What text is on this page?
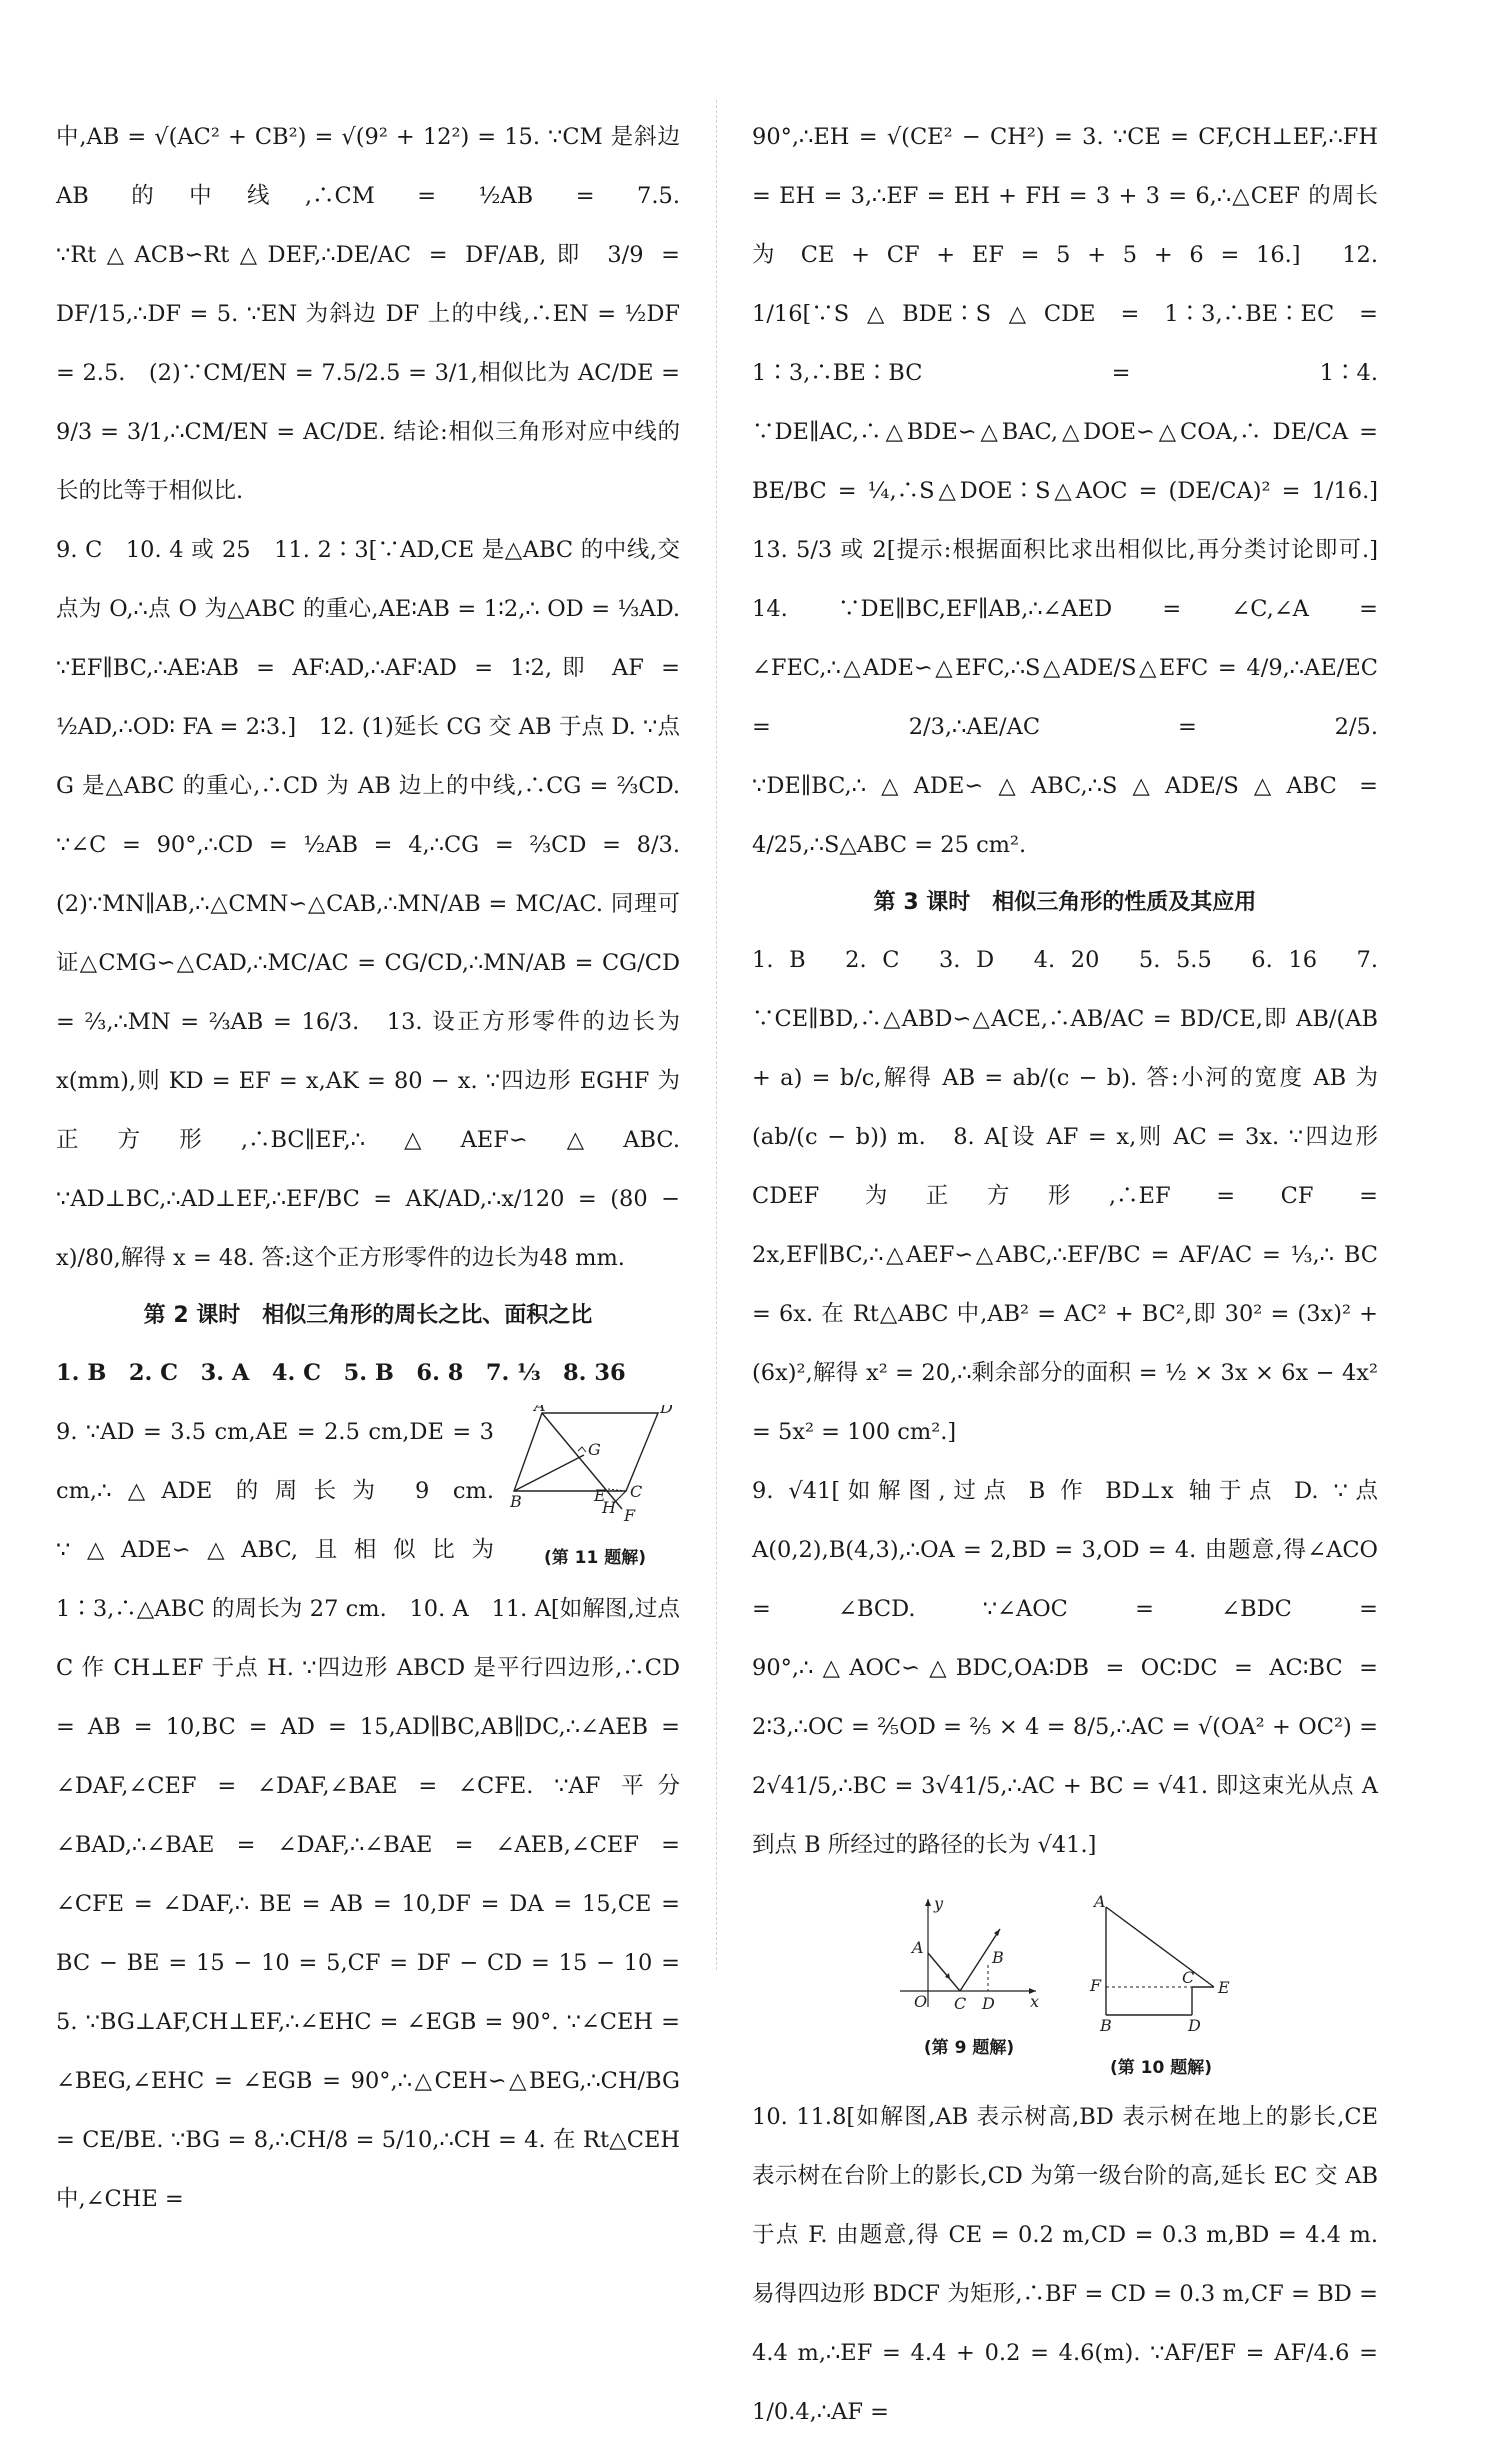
中,AB = √(AC² + CB²) = √(9² + 12²) = 15. ∵CM 是斜边 AB 的中线,∴CM = ½AB = 7.5. ∵Rt△ACB∽Rt△DEF,∴DE/AC = DF/AB,即 3/9 = DF/15,∴DF = 5. ∵EN 为斜边 DF 上的中线,∴EN = ½DF = 2.5.　(2)∵CM/EN = 7.5/2.5 = 3/1,相似比为 AC/DE = 9/3 = 3/1,∴CM/EN = AC/DE. 结论:相似三角形对应中线的长的比等于相似比.
9. C　10. 4 或 25　11. 2∶3[∵AD,CE 是△ABC 的中线,交点为 O,∴点 O 为△ABC 的重心,AE∶AB = 1∶2,∴ OD = ⅓AD. ∵EF∥BC,∴AE∶AB = AF∶AD,∴AF∶AD = 1∶2,即 AF = ½AD,∴OD∶ FA = 2∶3.]　12. (1)延长 CG 交 AB 于点 D. ∵点 G 是△ABC 的重心,∴CD 为 AB 边上的中线,∴CG = ⅔CD. ∵∠C = 90°,∴CD = ½AB = 4,∴CG = ⅔CD = 8/3.　(2)∵MN∥AB,∴△CMN∽△CAB,∴MN/AB = MC/AC. 同理可证△CMG∽△CAD,∴MC/AC = CG/CD,∴MN/AB = CG/CD = ⅔,∴MN = ⅔AB = 16/3.　13. 设正方形零件的边长为 x(mm),则 KD = EF = x,AK = 80 − x. ∵四边形 EGHF 为正方形,∴BC∥EF,∴△AEF∽△ABC. ∵AD⊥BC,∴AD⊥EF,∴EF/BC = AK/AD,∴x/120 = (80 − x)/80,解得 x = 48. 答:这个正方形零件的边长为48 mm.
第 2 课时　相似三角形的周长之比、面积之比
1. B　2. C　3. A　4. C　5. B　6. 8　7. ⅓　8. 36
A	D
G
B	E C
H F
(第 11 题解)
9. ∵AD = 3.5 cm,AE = 2.5 cm,DE = 3 cm,∴△ADE 的周长为 9 cm. ∵△ADE∽△ABC,且相似比为 1∶3,∴△ABC 的周长为 27 cm.　10. A　11. A[如解图,过点 C 作 CH⊥EF 于点 H. ∵四边形 ABCD 是平行四边形,∴CD = AB = 10,BC = AD = 15,AD∥BC,AB∥DC,∴∠AEB = ∠DAF,∠CEF = ∠DAF,∠BAE = ∠CFE. ∵AF 平分∠BAD,∴∠BAE = ∠DAF,∴∠BAE = ∠AEB,∠CEF = ∠CFE = ∠DAF,∴ BE = AB = 10,DF = DA = 15,CE = BC − BE = 15 − 10 = 5,CF = DF − CD = 15 − 10 = 5. ∵BG⊥AF,CH⊥EF,∴∠EHC = ∠EGB = 90°. ∵∠CEH = ∠BEG,∠EHC = ∠EGB = 90°,∴△CEH∽△BEG,∴CH/BG = CE/BE. ∵BG = 8,∴CH/8 = 5/10,∴CH = 4. 在 Rt△CEH 中,∠CHE =
90°,∴EH = √(CE² − CH²) = 3. ∵CE = CF,CH⊥EF,∴FH = EH = 3,∴EF = EH + FH = 3 + 3 = 6,∴△CEF 的周长为 CE + CF + EF = 5 + 5 + 6 = 16.]　12. 1/16[∵S△BDE∶S△CDE = 1∶3,∴BE∶EC = 1∶3,∴BE∶BC = 1∶4. ∵DE∥AC,∴△BDE∽△BAC,△DOE∽△COA,∴ DE/CA = BE/BC = ¼,∴S△DOE∶S△AOC = (DE/CA)² = 1/16.]　13. 5/3 或 2[提示:根据面积比求出相似比,再分类讨论即可.]　14. ∵DE∥BC,EF∥AB,∴∠AED = ∠C,∠A = ∠FEC,∴△ADE∽△EFC,∴S△ADE/S△EFC = 4/9,∴AE/EC = 2/3,∴AE/AC = 2/5. ∵DE∥BC,∴△ADE∽△ABC,∴S△ADE/S△ABC = 4/25,∴S△ABC = 25 cm².
第 3 课时　相似三角形的性质及其应用
1. B　2. C　3. D　4. 20　5. 5.5　6. 16　7. ∵CE∥BD,∴△ABD∽△ACE,∴AB/AC = BD/CE,即 AB/(AB + a) = b/c,解得 AB = ab/(c − b). 答:小河的宽度 AB 为 (ab/(c − b)) m.　8. A[设 AF = x,则 AC = 3x. ∵四边形 CDEF 为正方形,∴EF = CF = 2x,EF∥BC,∴△AEF∽△ABC,∴EF/BC = AF/AC = ⅓,∴ BC = 6x. 在 Rt△ABC 中,AB² = AC² + BC²,即 30² = (3x)² + (6x)²,解得 x² = 20,∴剩余部分的面积 = ½ × 3x × 6x − 4x² = 5x² = 100 cm².]
9. √41[如解图,过点 B 作 BD⊥x 轴于点 D. ∵点 A(0,2),B(4,3),∴OA = 2,BD = 3,OD = 4. 由题意,得∠ACO = ∠BCD. ∵∠AOC = ∠BDC = 90°,∴△AOC∽△BDC,OA∶DB = OC∶DC = AC∶BC = 2∶3,∴OC = ⅖OD = ⅖ × 4 = 8/5,∴AC = √(OA² + OC²) = 2√41/5,∴BC = 3√41/5,∴AC + BC = √41. 即这束光从点 A 到点 B 所经过的路径的长为 √41.]
y
A
B
O C D x
(第 9 题解)
A
F	C
E
B	D
(第 10 题解)
10. 11.8[如解图,AB 表示树高,BD 表示树在地上的影长,CE 表示树在台阶上的影长,CD 为第一级台阶的高,延长 EC 交 AB 于点 F. 由题意,得 CE = 0.2 m,CD = 0.3 m,BD = 4.4 m. 易得四边形 BDCF 为矩形,∴BF = CD = 0.3 m,CF = BD = 4.4 m,∴EF = 4.4 + 0.2 = 4.6(m). ∵AF/EF = AF/4.6 = 1/0.4,∴AF =
